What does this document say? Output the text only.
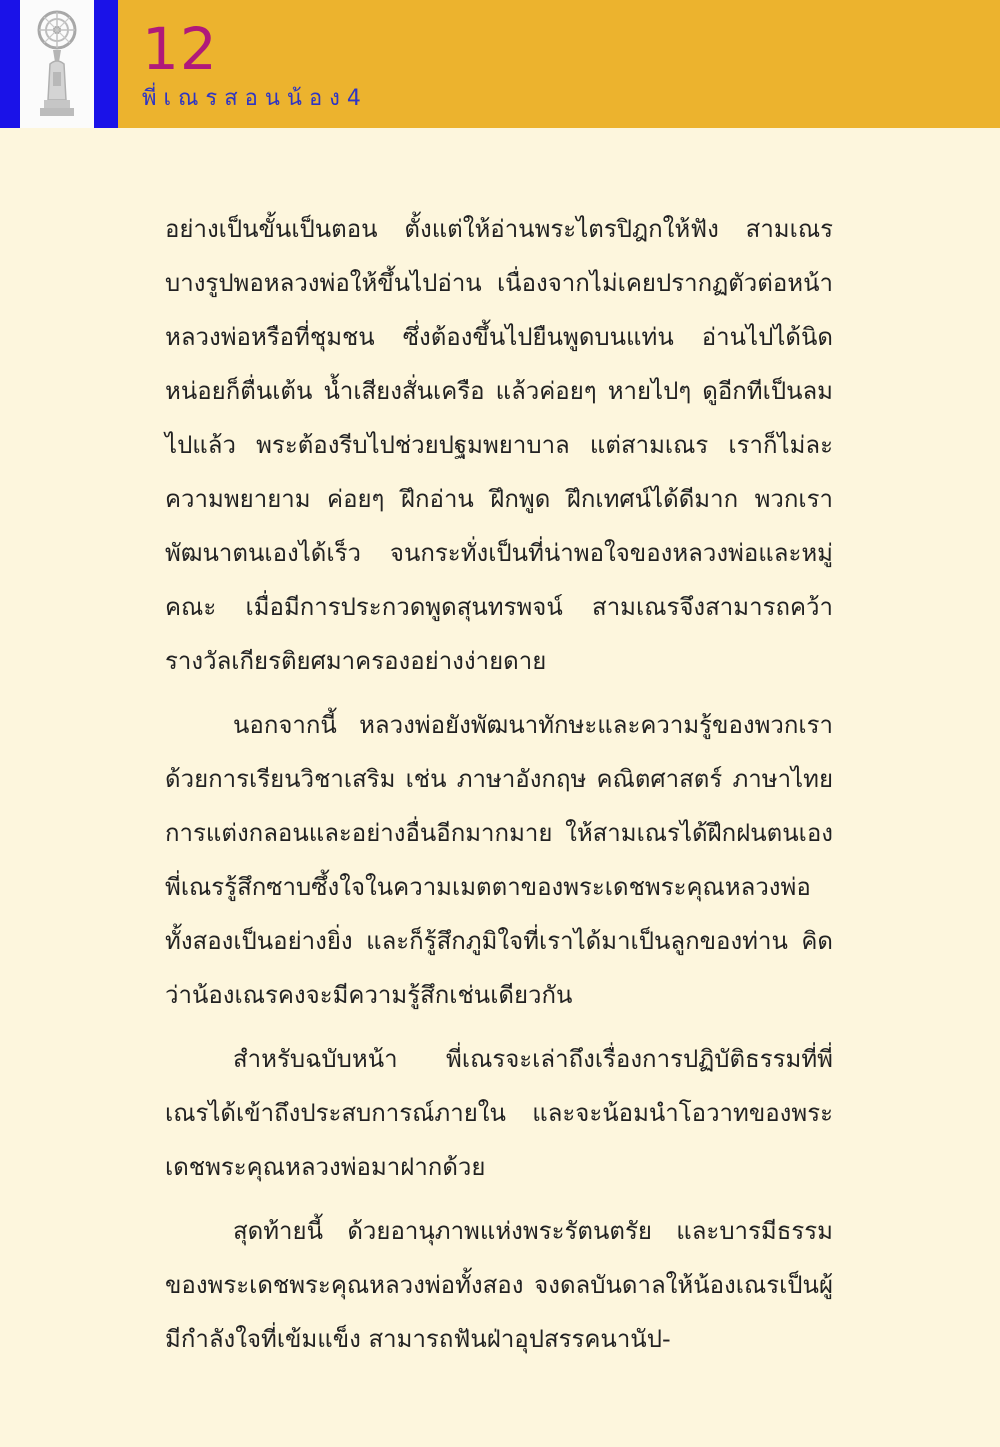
12
พี่เณรสอนน้อง4

อย่างเป็นขั้นเป็นตอน ตั้งแต่ให้อ่านพระไตรปิฎกให้ฟัง สามเณรบางรูปพอหลวงพ่อให้ขึ้นไปอ่าน เนื่องจากไม่เคยปรากฏตัวต่อหน้าหลวงพ่อหรือที่ชุมชน ซึ่งต้องขึ้นไปยืนพูดบนแท่น อ่านไปได้นิดหน่อยก็ตื่นเต้น น้ำเสียงสั่นเครือ แล้วค่อยๆ หายไปๆ ดูอีกทีเป็นลมไปแล้ว พระต้องรีบไปช่วยปฐมพยาบาล แต่สามเณร เราก็ไม่ละความพยายาม ค่อยๆ ฝึกอ่าน ฝึกพูด ฝึกเทศน์ได้ดีมาก พวกเราพัฒนาตนเองได้เร็ว จนกระทั่งเป็นที่น่าพอใจของหลวงพ่อและหมู่คณะ เมื่อมีการประกวดพูดสุนทรพจน์ สามเณรจึงสามารถคว้ารางวัลเกียรติยศมาครองอย่างง่ายดาย

นอกจากนี้ หลวงพ่อยังพัฒนาทักษะและความรู้ของพวกเรา ด้วยการเรียนวิชาเสริม เช่น ภาษาอังกฤษ คณิตศาสตร์ ภาษาไทย การแต่งกลอนและอย่างอื่นอีกมากมาย ให้สามเณรได้ฝึกฝนตนเอง พี่เณรรู้สึกซาบซึ้งใจในความเมตตาของพระเดชพระคุณหลวงพ่อทั้งสองเป็นอย่างยิ่ง และก็รู้สึกภูมิใจที่เราได้มาเป็นลูกของท่าน คิดว่าน้องเณรคงจะมีความรู้สึกเช่นเดียวกัน

สำหรับฉบับหน้า พี่เณรจะเล่าถึงเรื่องการปฏิบัติธรรมที่พี่เณรได้เข้าถึงประสบการณ์ภายใน และจะน้อมนำโอวาทของพระเดชพระคุณหลวงพ่อมาฝากด้วย

สุดท้ายนี้ ด้วยอานุภาพแห่งพระรัตนตรัย และบารมีธรรมของพระเดชพระคุณหลวงพ่อทั้งสอง จงดลบันดาลให้น้องเณรเป็นผู้มีกำลังใจที่เข้มแข็ง สามารถฟันฝ่าอุปสรรคนานัป-
